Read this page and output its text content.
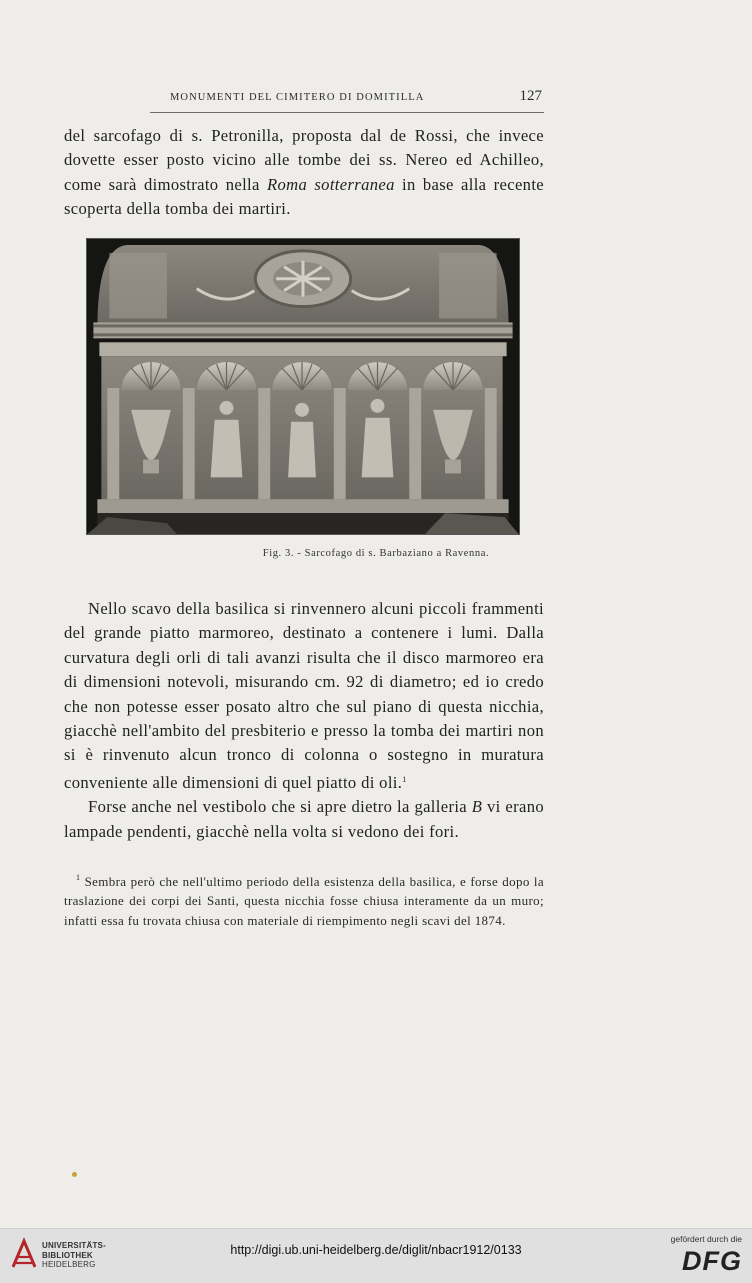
MONUMENTI DEL CIMITERO DI DOMITILLA	127

del sarcofago di s. Petronilla, proposta dal de Rossi, che invece dovette esser posto vicino alle tombe dei ss. Nereo ed Achilleo, come sarà dimostrato nella Roma sotterranea in base alla recente scoperta della tomba dei martiri.

Fig. 3. - Sarcofago di s. Barbaziano a Ravenna.

Nello scavo della basilica si rinvennero alcuni piccoli frammenti del grande piatto marmoreo, destinato a contenere i lumi. Dalla curvatura degli orli di tali avanzi risulta che il disco marmoreo era di dimensioni notevoli, misurando cm. 92 di diametro; ed io credo che non potesse esser posato altro che sul piano di questa nicchia, giacchè nell'ambito del presbiterio e presso la tomba dei martiri non si è rinvenuto alcun tronco di colonna o sostegno in muratura conveniente alle dimensioni di quel piatto di oli.$^1$

Forse anche nel vestibolo che si apre dietro la galleria B vi erano lampade pendenti, giacchè nella volta si vedono dei fori.

$^1$ Sembra però che nell'ultimo periodo della esistenza della basilica, e forse dopo la traslazione dei corpi dei Santi, questa nicchia fosse chiusa interamente da un muro; infatti essa fu trovata chiusa con materiale di riempimento negli scavi del 1874.
UNIVERSITÄTS-
BIBLIOTHEK
HEIDELBERG
http://digi.ub.uni-heidelberg.de/diglit/nbacr1912/0133
gefördert durch die
DFG
